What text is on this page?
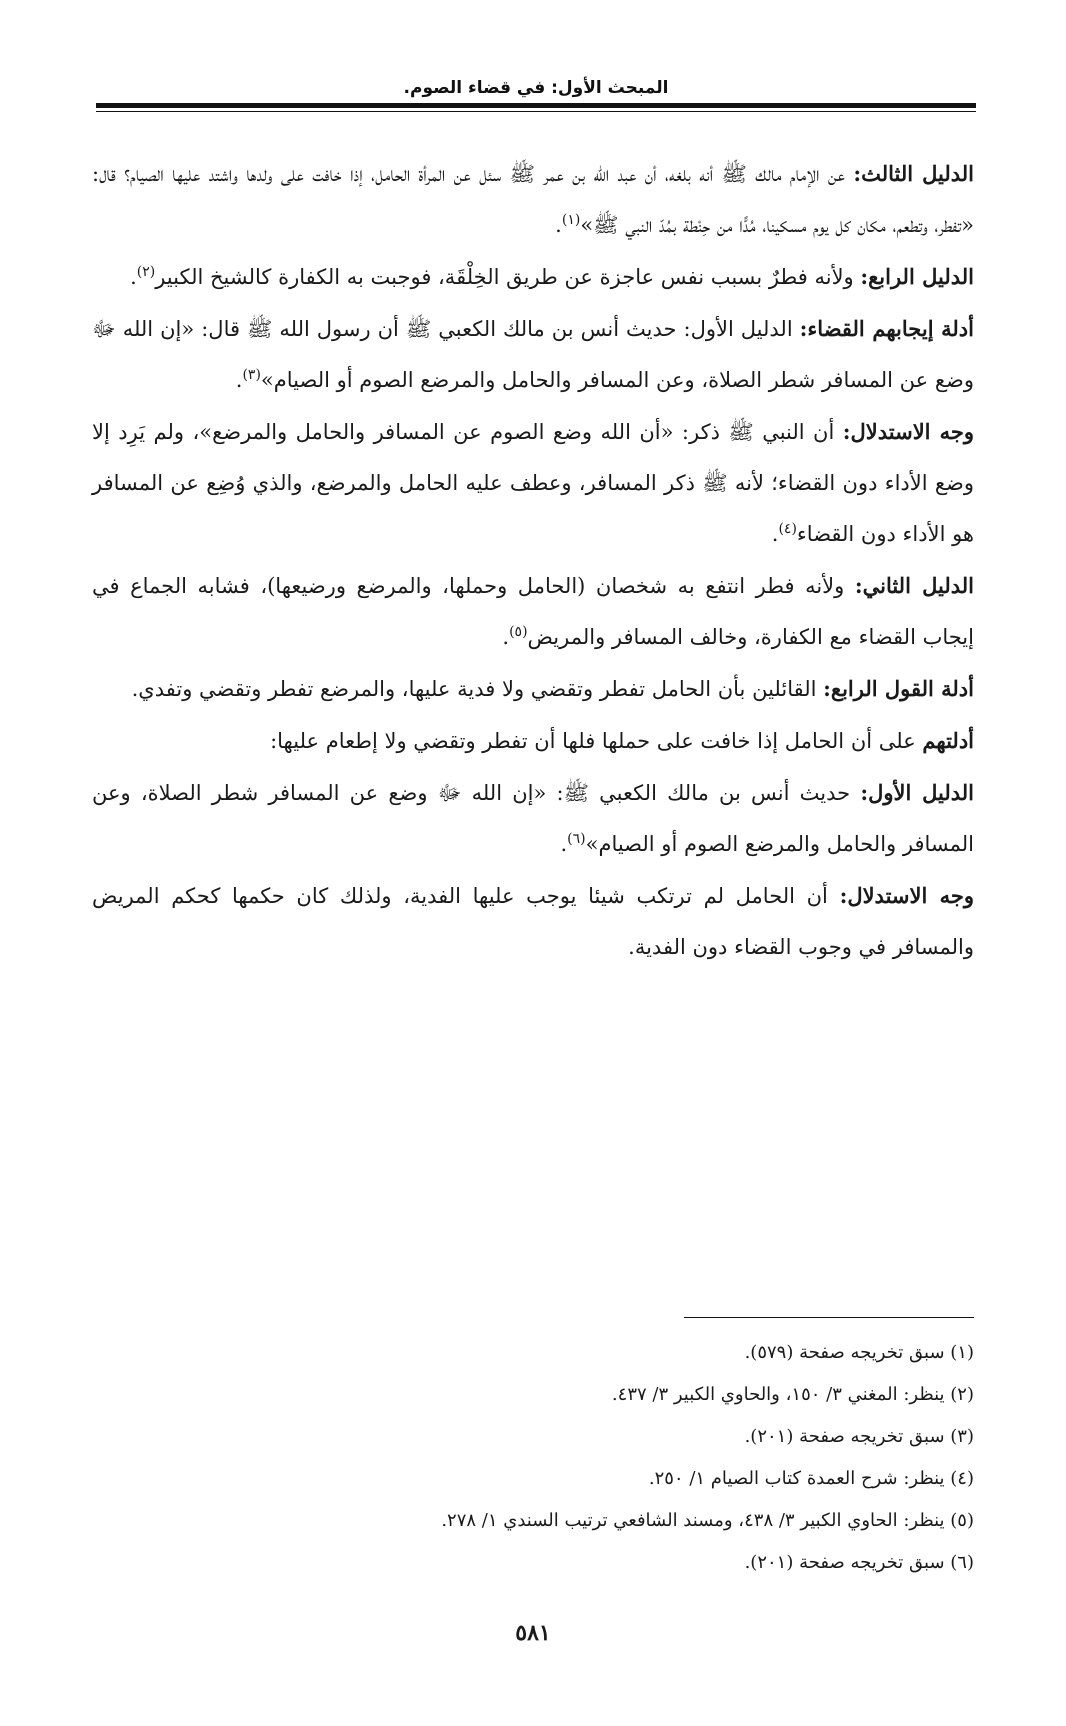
المبحث الأول: في قضاء الصوم.

الدليل الثالث: عن الإمام مالك ﷺ أنه بلغه، أن عبد الله بن عمر ﷺ سئل عن المرأة الحامل، إذا خافت على ولدها واشتد عليها الصيام؟ قال: «تفطر، وتطعم، مكان كل يوم مسكينا، مُدًّا من حِنْطة بمُدّ النبي ﷺ»$^{(١)}$.

الدليل الرابع: ولأنه فطرٌ بسبب نفس عاجزة عن طريق الخِلْقَة، فوجبت به الكفارة كالشيخ الكبير$^{(٢)}$.

أدلة إيجابهم القضاء: الدليل الأول: حديث أنس بن مالك الكعبي ﷺ أن رسول الله ﷺ قال: «إن الله ﷻ وضع عن المسافر شطر الصلاة، وعن المسافر والحامل والمرضع الصوم أو الصيام»$^{(٣)}$.

وجه الاستدلال: أن النبي ﷺ ذكر: «أن الله وضع الصوم عن المسافر والحامل والمرضع»، ولم يَرِد إلا وضع الأداء دون القضاء؛ لأنه ﷺ ذكر المسافر، وعطف عليه الحامل والمرضع، والذي وُضِع عن المسافر هو الأداء دون القضاء$^{(٤)}$.

الدليل الثاني: ولأنه فطر انتفع به شخصان (الحامل وحملها، والمرضع ورضيعها)، فشابه الجماع في إيجاب القضاء مع الكفارة، وخالف المسافر والمريض$^{(٥)}$.

أدلة القول الرابع: القائلين بأن الحامل تفطر وتقضي ولا فدية عليها، والمرضع تفطر وتقضي وتفدي.

أدلتهم على أن الحامل إذا خافت على حملها فلها أن تفطر وتقضي ولا إطعام عليها:

الدليل الأول: حديث أنس بن مالك الكعبي ﷺ: «إن الله ﷻ وضع عن المسافر شطر الصلاة، وعن المسافر والحامل والمرضع الصوم أو الصيام»$^{(٦)}$.

وجه الاستدلال: أن الحامل لم ترتكب شيئا يوجب عليها الفدية، ولذلك كان حكمها كحكم المريض والمسافر في وجوب القضاء دون الفدية.

(١) سبق تخريجه صفحة (٥٧٩).

(٢) ينظر: المغني ٣/ ١٥٠، والحاوي الكبير ٣/ ٤٣٧.

(٣) سبق تخريجه صفحة (٢٠١).

(٤) ينظر: شرح العمدة كتاب الصيام ١/ ٢٥٠.

(٥) ينظر: الحاوي الكبير ٣/ ٤٣٨، ومسند الشافعي ترتيب السندي ١/ ٢٧٨.

(٦) سبق تخريجه صفحة (٢٠١).

٥٨١
